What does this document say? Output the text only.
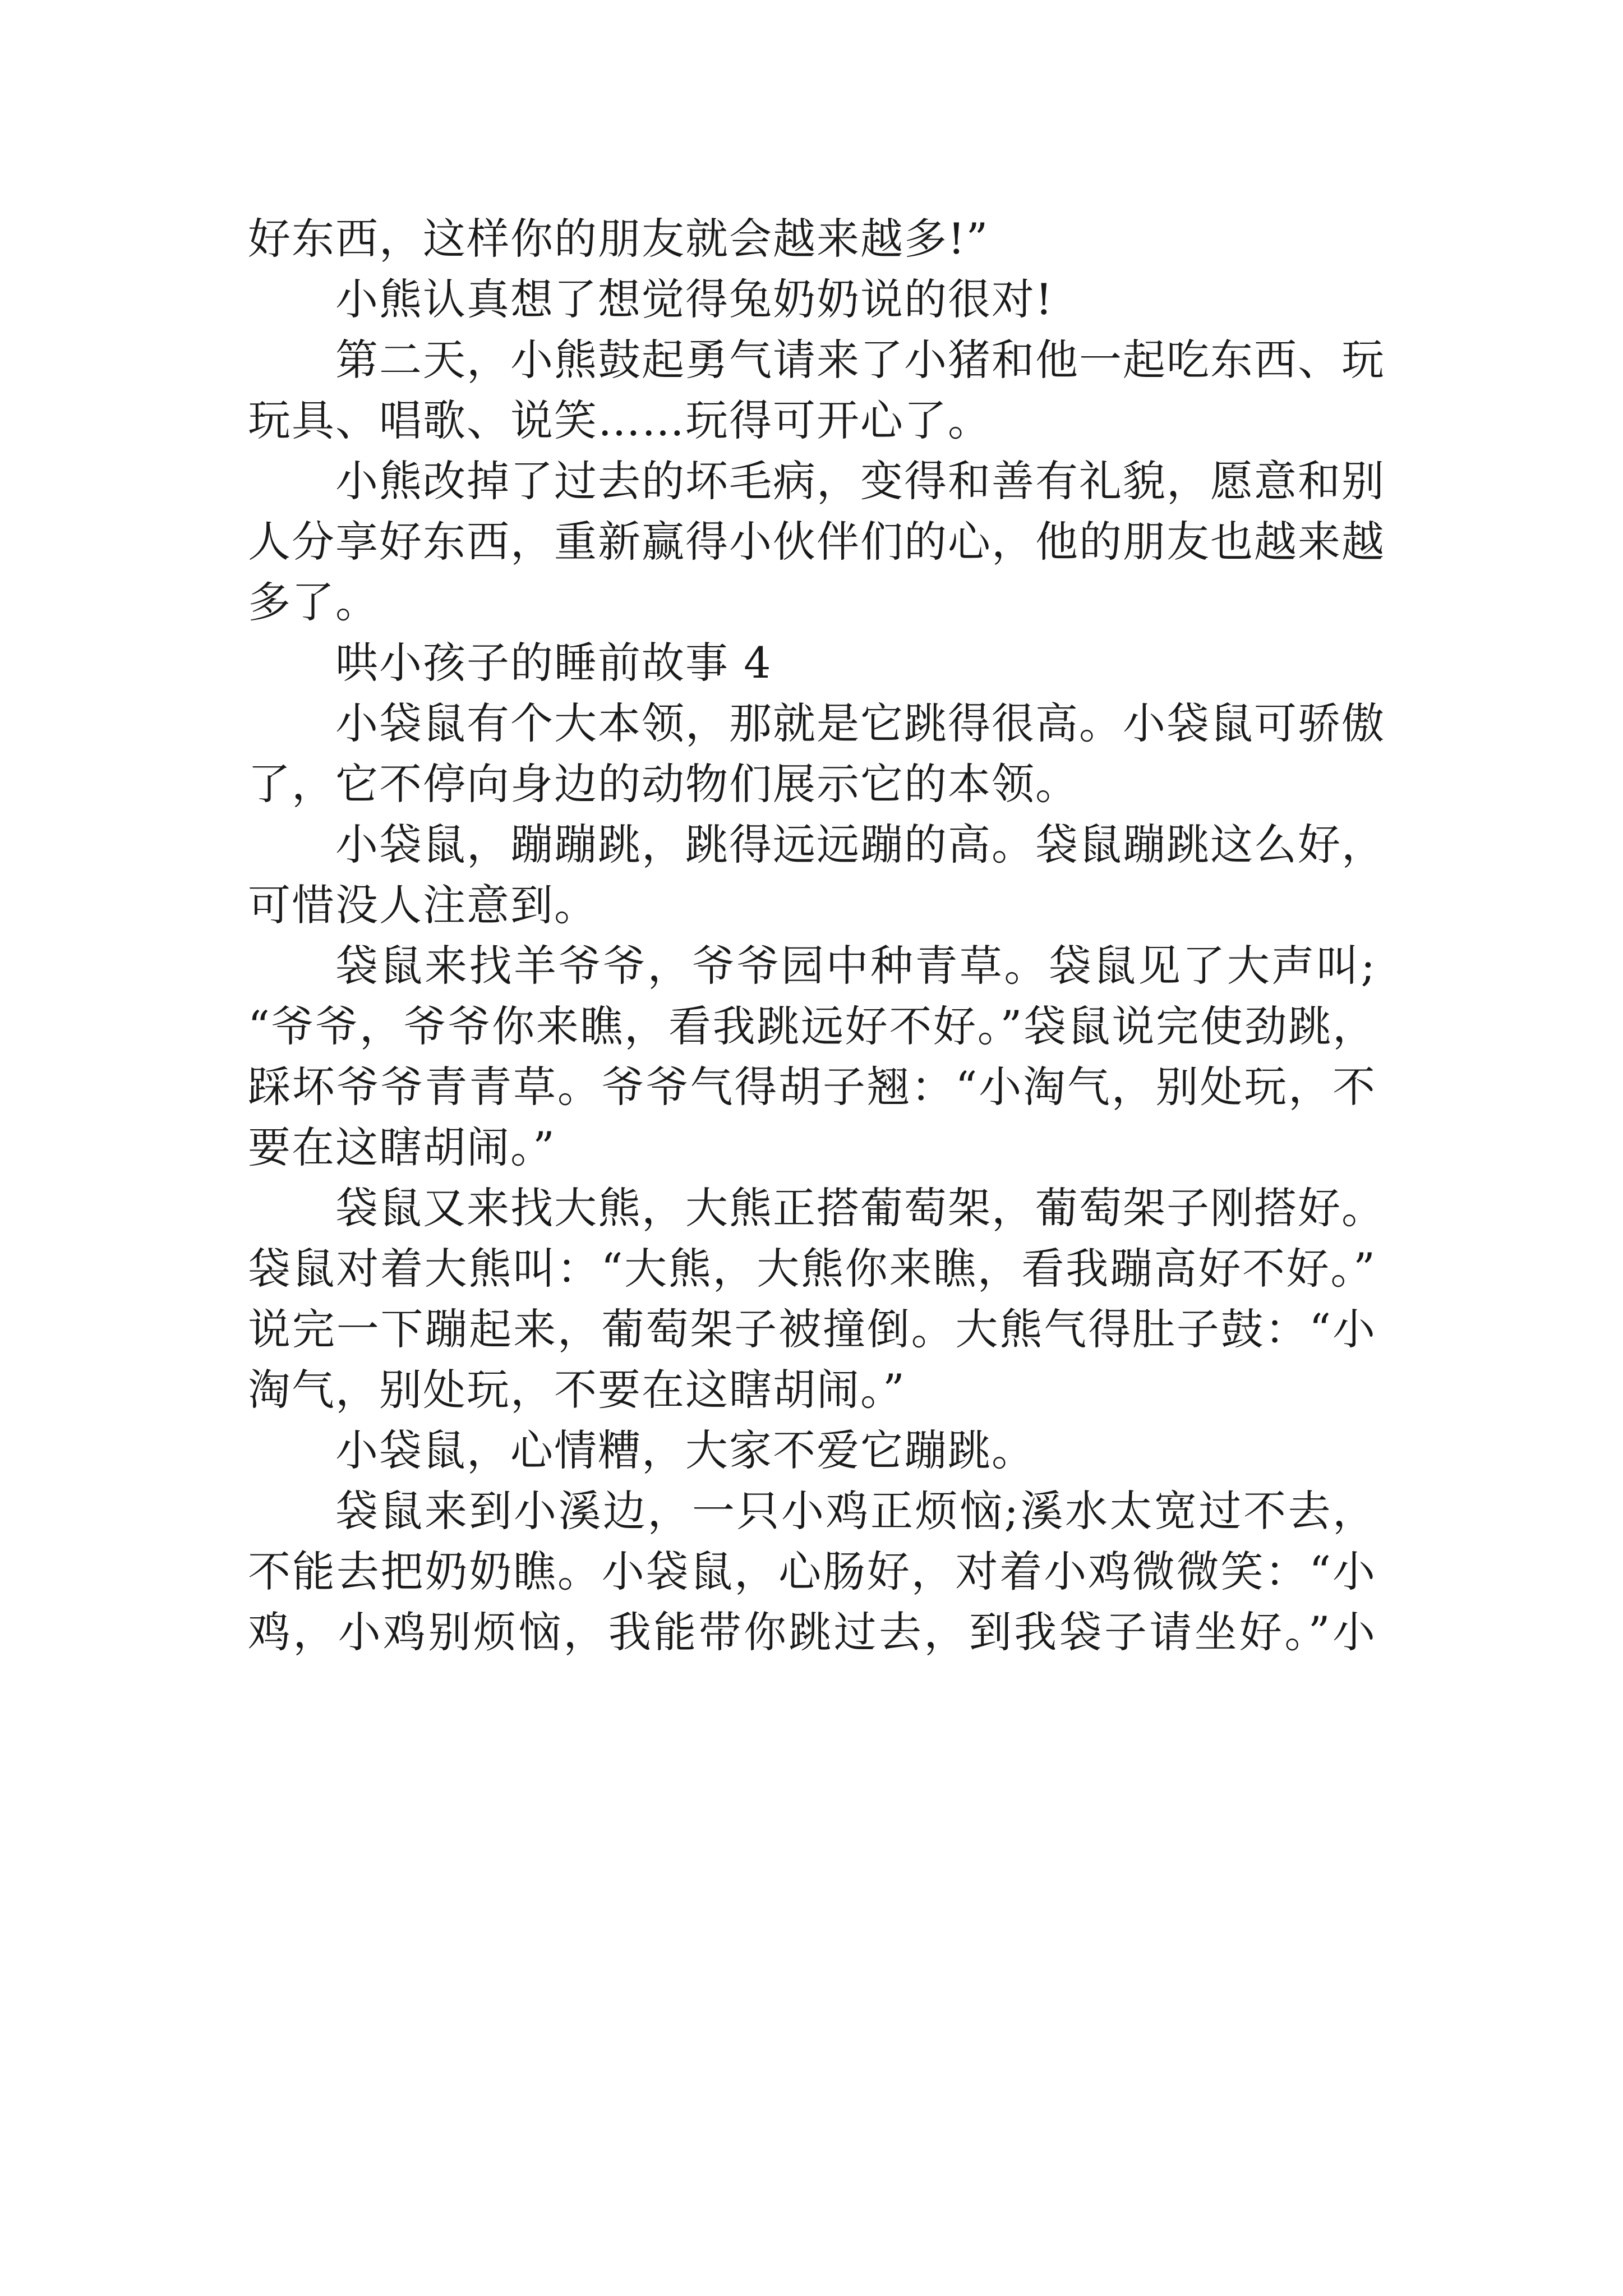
好东西，这样你的朋友就会越来越多!”
小熊认真想了想觉得兔奶奶说的很对!
第二天，小熊鼓起勇气请来了小猪和他一起吃东西、玩
玩具、唱歌、说笑……玩得可开心了。
小熊改掉了过去的坏毛病，变得和善有礼貌，愿意和别
人分享好东西，重新赢得小伙伴们的心，他的朋友也越来越
多了。
哄小孩子的睡前故事 4
小袋鼠有个大本领，那就是它跳得很高。小袋鼠可骄傲
了，它不停向身边的动物们展示它的本领。
小袋鼠，蹦蹦跳，跳得远远蹦的高。袋鼠蹦跳这么好，
可惜没人注意到。
袋鼠来找羊爷爷，爷爷园中种青草。袋鼠见了大声叫;
“爷爷，爷爷你来瞧，看我跳远好不好。”袋鼠说完使劲跳，
踩坏爷爷青青草。爷爷气得胡子翘：“小淘气，别处玩，不
要在这瞎胡闹。”
袋鼠又来找大熊，大熊正搭葡萄架，葡萄架子刚搭好。
袋鼠对着大熊叫：“大熊，大熊你来瞧，看我蹦高好不好。”
说完一下蹦起来，葡萄架子被撞倒。大熊气得肚子鼓：“小
淘气，别处玩，不要在这瞎胡闹。”
小袋鼠，心情糟，大家不爱它蹦跳。
袋鼠来到小溪边，一只小鸡正烦恼;溪水太宽过不去，
不能去把奶奶瞧。小袋鼠，心肠好，对着小鸡微微笑：“小
鸡，小鸡别烦恼，我能带你跳过去，到我袋子请坐好。”小
